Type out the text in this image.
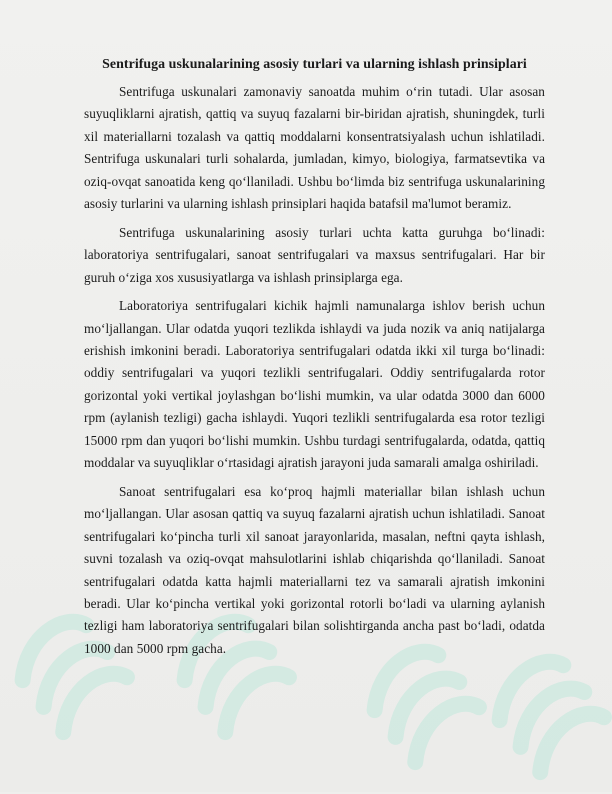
Sentrifuga uskunalarining asosiy turlari va ularning ishlash prinsiplari

Sentrifuga uskunalari zamonaviy sanoatda muhim o‘rin tutadi. Ular asosan suyuqliklarni ajratish, qattiq va suyuq fazalarni bir-biridan ajratish, shuningdek, turli xil materiallarni tozalash va qattiq moddalarni konsentratsiyalash uchun ishlatiladi. Sentrifuga uskunalari turli sohalarda, jumladan, kimyo, biologiya, farmatsevtika va oziq-ovqat sanoatida keng qo‘llaniladi. Ushbu bo‘limda biz sentrifuga uskunalarining asosiy turlarini va ularning ishlash prinsiplari haqida batafsil ma'lumot beramiz.

Sentrifuga uskunalarining asosiy turlari uchta katta guruhga bo‘linadi: laboratoriya sentrifugalari, sanoat sentrifugalari va maxsus sentrifugalari. Har bir guruh o‘ziga xos xususiyatlarga va ishlash prinsiplarga ega.

Laboratoriya sentrifugalari kichik hajmli namunalarga ishlov berish uchun mo‘ljallangan. Ular odatda yuqori tezlikda ishlaydi va juda nozik va aniq natijalarga erishish imkonini beradi. Laboratoriya sentrifugalari odatda ikki xil turga bo‘linadi: oddiy sentrifugalari va yuqori tezlikli sentrifugalari. Oddiy sentrifugalarda rotor gorizontal yoki vertikal joylashgan bo‘lishi mumkin, va ular odatda 3000 dan 6000 rpm (aylanish tezligi) gacha ishlaydi. Yuqori tezlikli sentrifugalarda esa rotor tezligi 15000 rpm dan yuqori bo‘lishi mumkin. Ushbu turdagi sentrifugalarda, odatda, qattiq moddalar va suyuqliklar o‘rtasidagi ajratish jarayoni juda samarali amalga oshiriladi.

Sanoat sentrifugalari esa ko‘proq hajmli materiallar bilan ishlash uchun mo‘ljallangan. Ular asosan qattiq va suyuq fazalarni ajratish uchun ishlatiladi. Sanoat sentrifugalari ko‘pincha turli xil sanoat jarayonlarida, masalan, neftni qayta ishlash, suvni tozalash va oziq-ovqat mahsulotlarini ishlab chiqarishda qo‘llaniladi. Sanoat sentrifugalari odatda katta hajmli materiallarni tez va samarali ajratish imkonini beradi. Ular ko‘pincha vertikal yoki gorizontal rotorli bo‘ladi va ularning aylanish tezligi ham laboratoriya sentrifugalari bilan solishtirganda ancha past bo‘ladi, odatda 1000 dan 5000 rpm gacha.
